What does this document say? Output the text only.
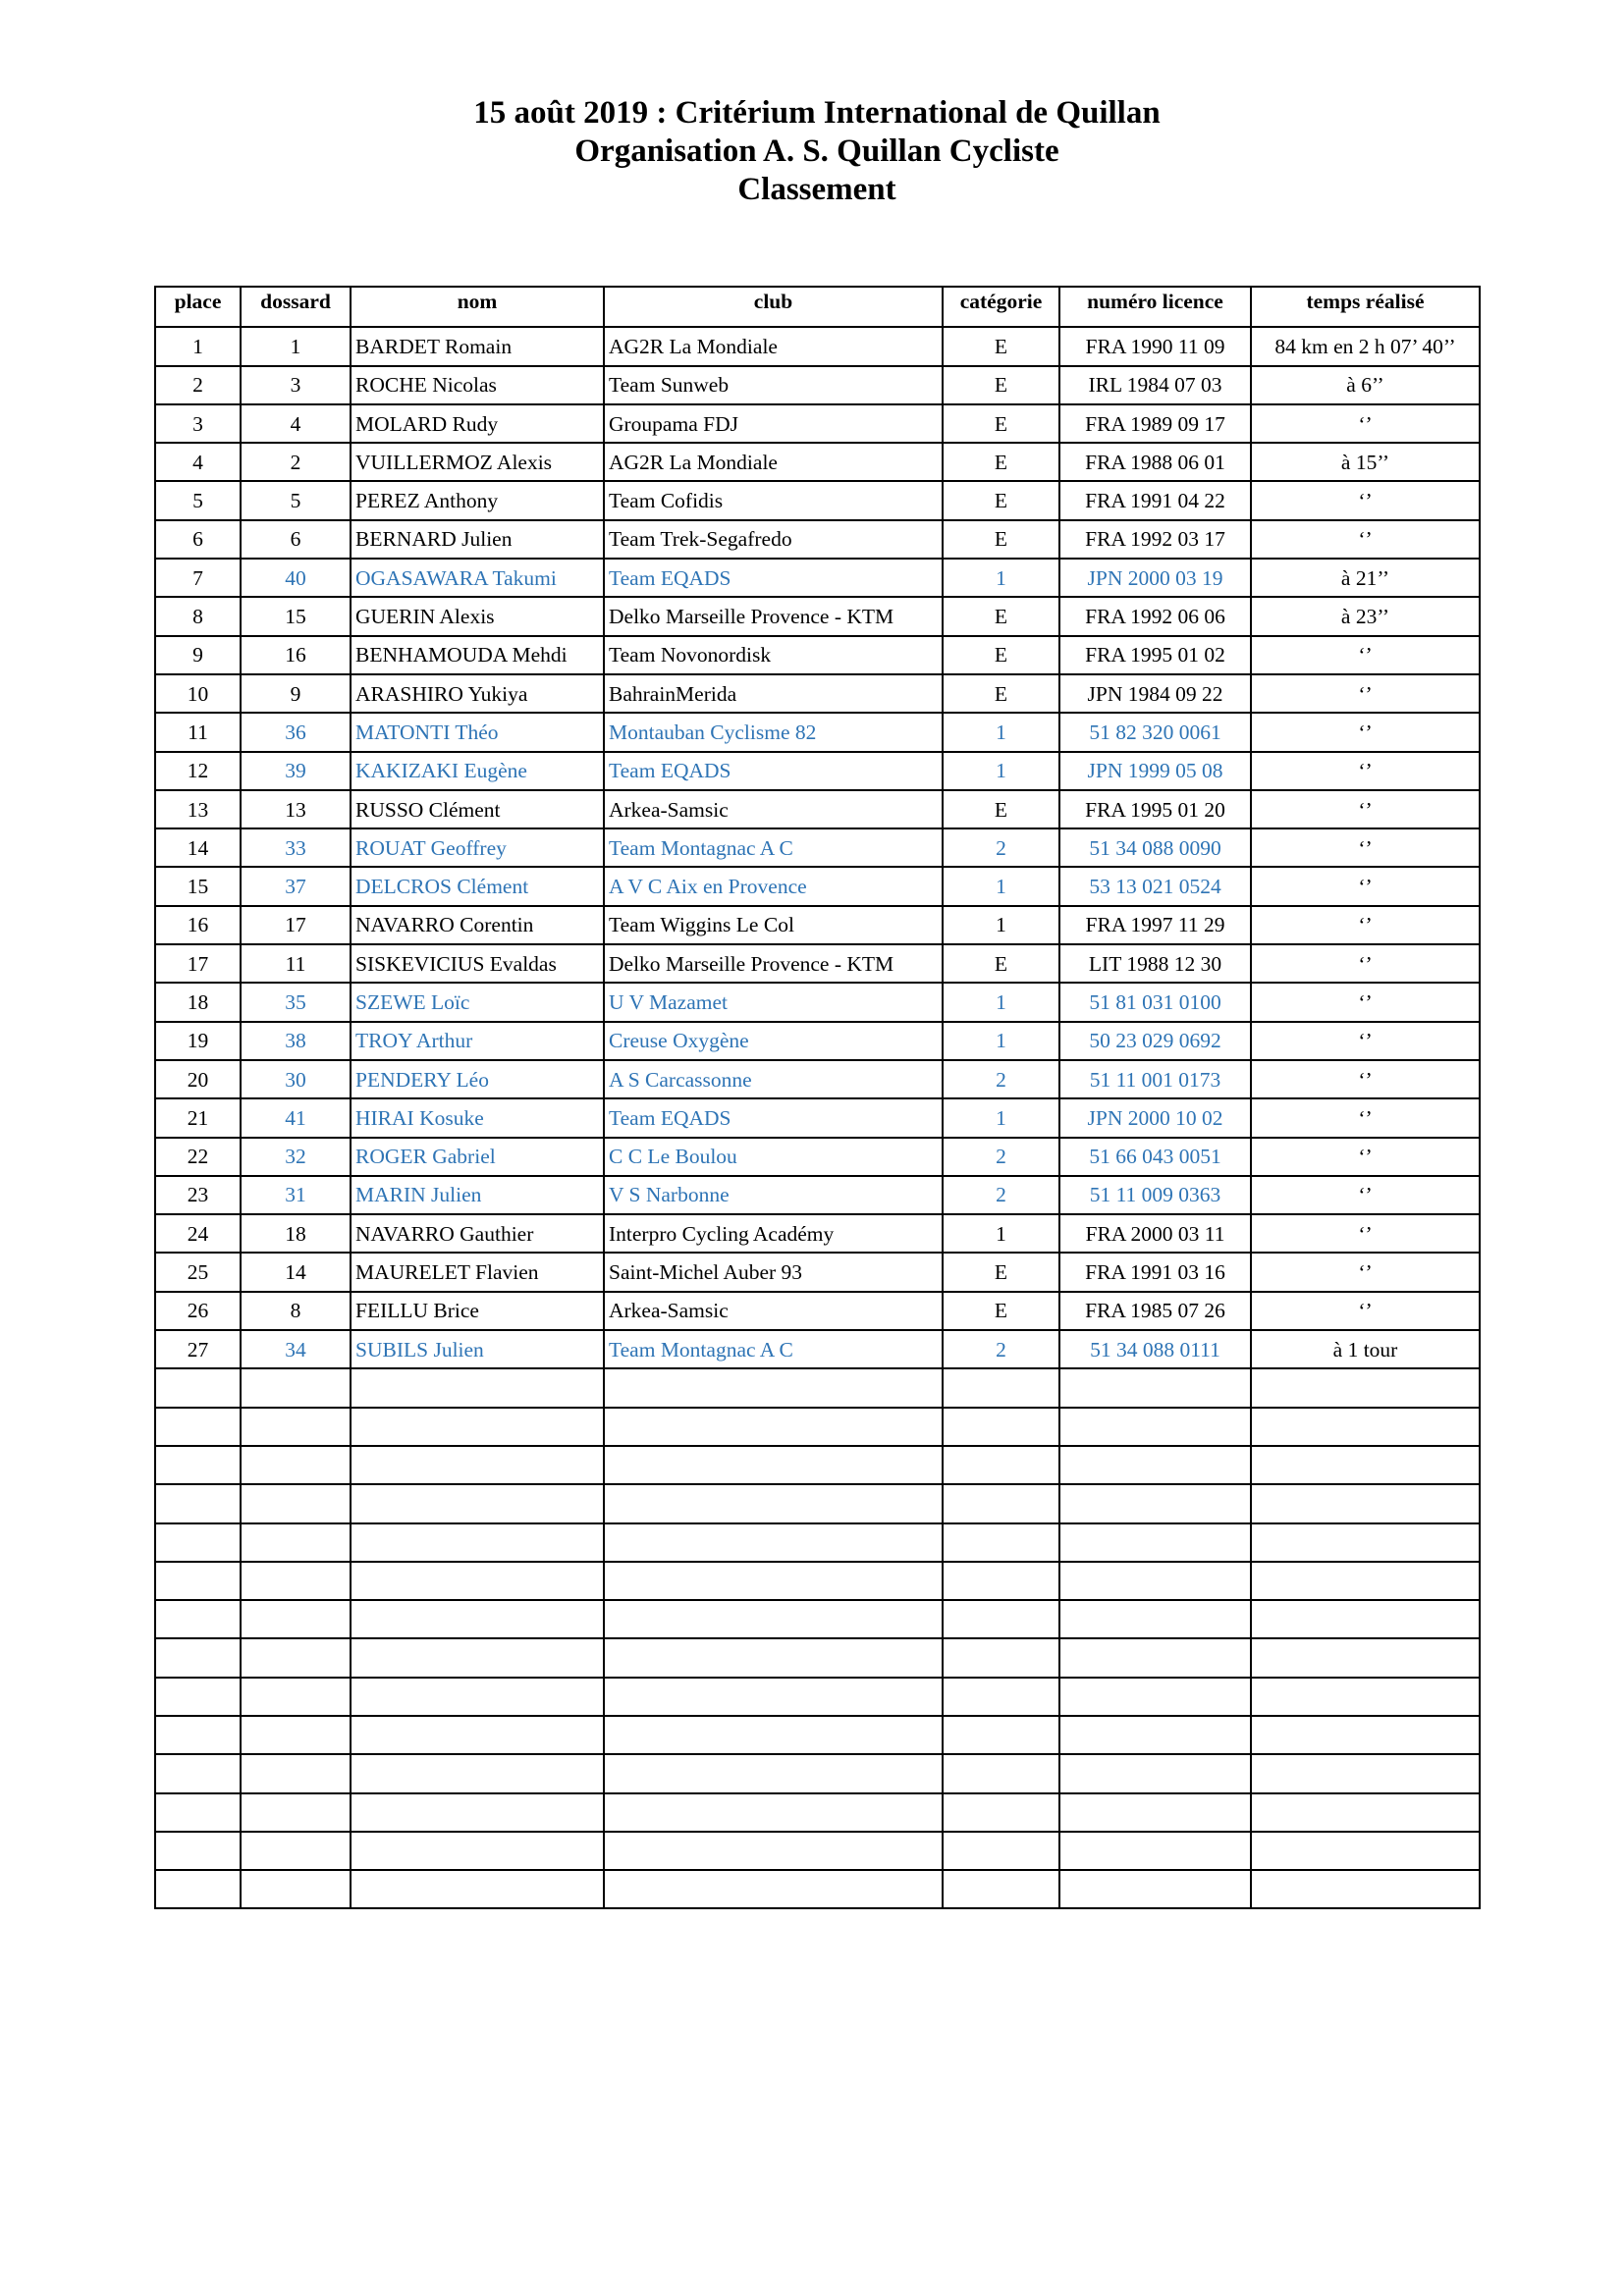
15 août 2019 : Critérium International de Quillan
Organisation A. S. Quillan Cycliste
Classement
place	dossard	nom	club	catégorie	numéro licence	temps réalisé
1	1	BARDET Romain	AG2R La Mondiale	E	FRA 1990 11 09	84 km en 2 h 07’ 40’’
2	3	ROCHE Nicolas	Team Sunweb	E	IRL 1984 07 03	à 6’’
3	4	MOLARD Rudy	Groupama FDJ	E	FRA 1989 09 17	‘’
4	2	VUILLERMOZ Alexis	AG2R La Mondiale	E	FRA 1988 06 01	à 15’’
5	5	PEREZ Anthony	Team Cofidis	E	FRA 1991 04 22	‘’
6	6	BERNARD Julien	Team Trek-Segafredo	E	FRA 1992 03 17	‘’
7	40	OGASAWARA Takumi	Team EQADS	1	JPN 2000 03 19	à 21’’
8	15	GUERIN Alexis	Delko Marseille Provence - KTM	E	FRA 1992 06 06	à 23’’
9	16	BENHAMOUDA Mehdi	Team Novonordisk	E	FRA 1995 01 02	‘’
10	9	ARASHIRO Yukiya	BahrainMerida	E	JPN 1984 09 22	‘’
11	36	MATONTI Théo	Montauban Cyclisme 82	1	51 82 320 0061	‘’
12	39	KAKIZAKI Eugène	Team EQADS	1	JPN 1999 05 08	‘’
13	13	RUSSO Clément	Arkea-Samsic	E	FRA 1995 01 20	‘’
14	33	ROUAT Geoffrey	Team Montagnac A C	2	51 34 088 0090	‘’
15	37	DELCROS Clément	A V C Aix en Provence	1	53 13 021 0524	‘’
16	17	NAVARRO Corentin	Team Wiggins Le Col	1	FRA 1997 11 29	‘’
17	11	SISKEVICIUS Evaldas	Delko Marseille Provence - KTM	E	LIT 1988 12 30	‘’
18	35	SZEWE Loïc	U V Mazamet	1	51 81 031 0100	‘’
19	38	TROY Arthur	Creuse Oxygène	1	50 23 029 0692	‘’
20	30	PENDERY Léo	A S Carcassonne	2	51 11 001 0173	‘’
21	41	HIRAI Kosuke	Team EQADS	1	JPN 2000 10 02	‘’
22	32	ROGER Gabriel	C C Le Boulou	2	51 66 043 0051	‘’
23	31	MARIN Julien	V S Narbonne	2	51 11 009 0363	‘’
24	18	NAVARRO Gauthier	Interpro Cycling Académy	1	FRA 2000 03 11	‘’
25	14	MAURELET Flavien	Saint-Michel Auber 93	E	FRA 1991 03 16	‘’
26	8	FEILLU Brice	Arkea-Samsic	E	FRA 1985 07 26	‘’
27	34	SUBILS Julien	Team Montagnac A C	2	51 34 088 0111	à 1 tour
